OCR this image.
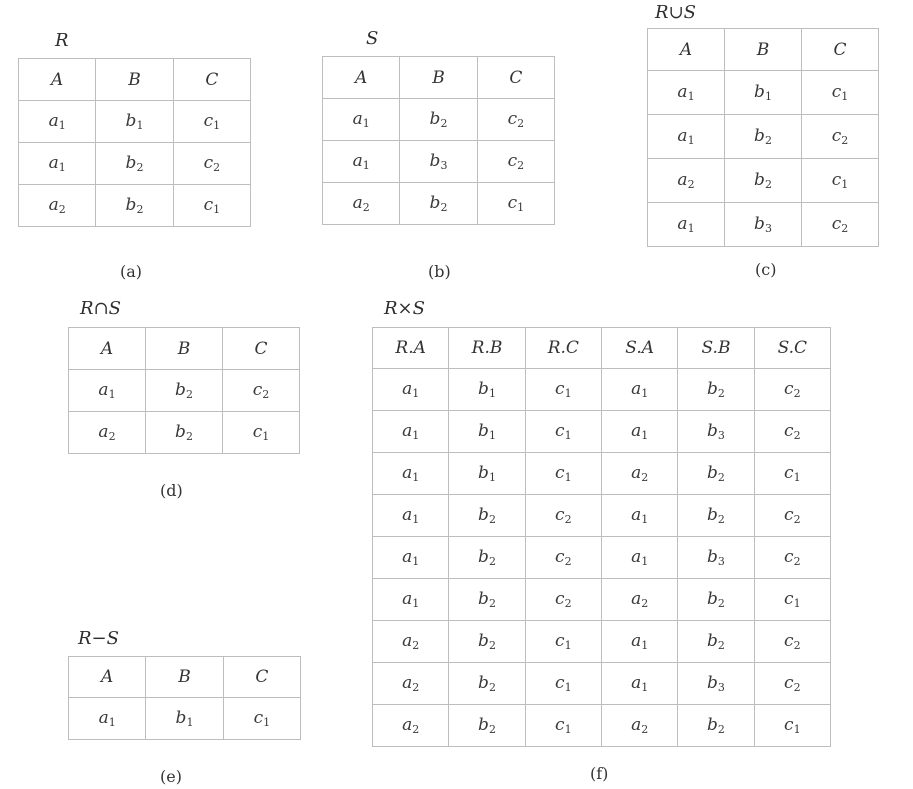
R
A	B	C
$a_1$	$b_1$	$c_1$
$a_1$	$b_2$	$c_2$
$a_2$	$b_2$	$c_1$
(a)
S
A	B	C
$a_1$	$b_2$	$c_2$
$a_1$	$b_3$	$c_2$
$a_2$	$b_2$	$c_1$
(b)
R∪S
A	B	C
$a_1$	$b_1$	$c_1$
$a_1$	$b_2$	$c_2$
$a_2$	$b_2$	$c_1$
$a_1$	$b_3$	$c_2$
(c)
R∩S
A	B	C
$a_1$	$b_2$	$c_2$
$a_2$	$b_2$	$c_1$
(d)
R−S
A	B	C
$a_1$	$b_1$	$c_1$
(e)
R×S
R.A	R.B	R.C	S.A	S.B	S.C
$a_1$	$b_1$	$c_1$	$a_1$	$b_2$	$c_2$
$a_1$	$b_1$	$c_1$	$a_1$	$b_3$	$c_2$
$a_1$	$b_1$	$c_1$	$a_2$	$b_2$	$c_1$
$a_1$	$b_2$	$c_2$	$a_1$	$b_2$	$c_2$
$a_1$	$b_2$	$c_2$	$a_1$	$b_3$	$c_2$
$a_1$	$b_2$	$c_2$	$a_2$	$b_2$	$c_1$
$a_2$	$b_2$	$c_1$	$a_1$	$b_2$	$c_2$
$a_2$	$b_2$	$c_1$	$a_1$	$b_3$	$c_2$
$a_2$	$b_2$	$c_1$	$a_2$	$b_2$	$c_1$
(f)
